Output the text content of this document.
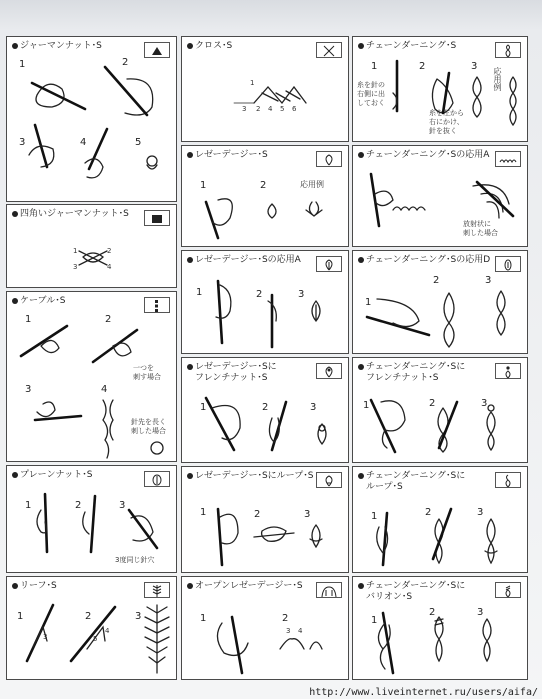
ジャーマンナット･S
1	2
3	4	5
四角いジャーマンナット･S
1	2
3	4
ケーブル･S
1	2
3	4
一つを
刺す場合
針先を長く
刺した場合
プレーンナット･S
1	2	3
3度同じ針穴
リーフ･S
1	2	3
3
4
5
クロス･S
1
2
3	4 5 6
レゼーデージー･S
1	2	応用例
レゼーデージー･Sの応用A
1	2	3
レゼーデージー･Sに
フレンチナット･S
1	2	3
レゼーデージー･Sにループ･S
1	2	3
オープンレゼーデージー･S
1	2
3 4
チェーンダーニング･S
1	2	3
応用例
糸を針の
右側に出
しておく
糸を左から
右にかけ、
針を抜く
チェーンダーニング･Sの応用A
放射状に
刺した場合
チェーンダーニング･Sの応用D
1
2	3
チェーンダーニング･Sに
フレンチナット･S
1	2	3
チェーンダーニング･Sに
ループ･S
1	2	3
チェーンダーニング･Sに
バリオン･S
1
2	3
http://www.liveinternet.ru/users/aifa/
